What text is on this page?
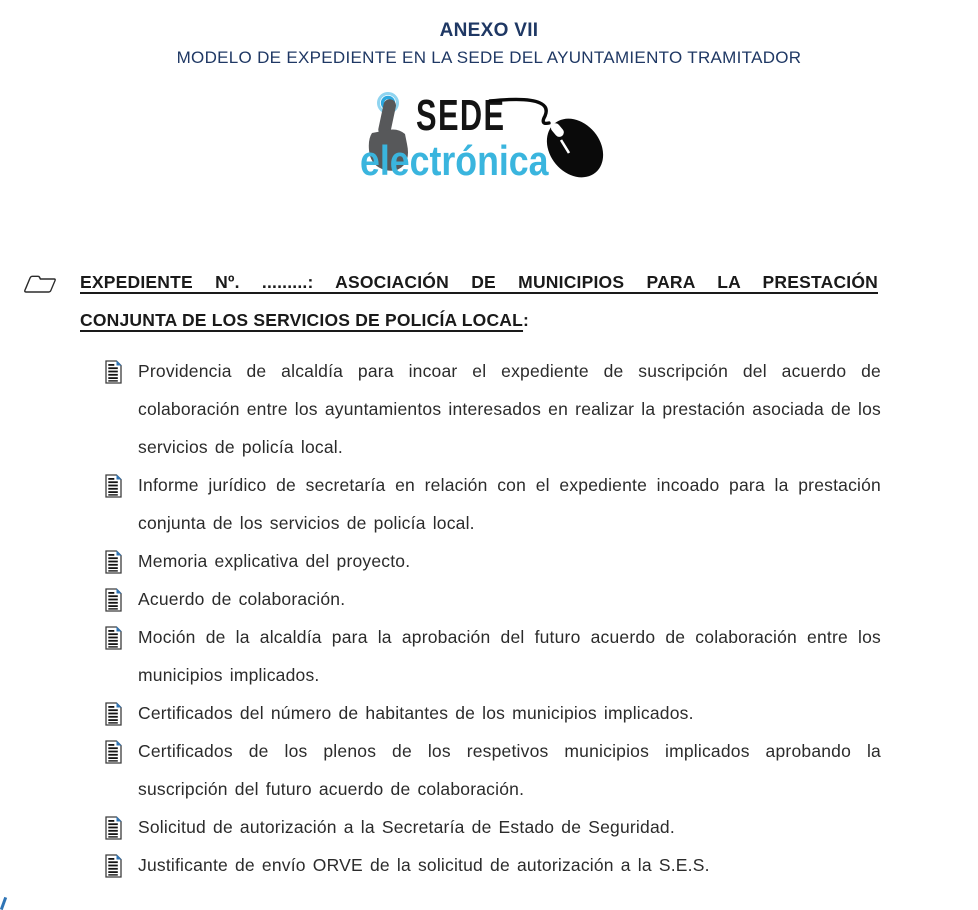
ANEXO VII
MODELO DE EXPEDIENTE EN LA SEDE DEL AYUNTAMIENTO TRAMITADOR
SEDE
electrónica
EXPEDIENTE Nº. .........: ASOCIACIÓN DE MUNICIPIOS PARA LA PRESTACIÓN
CONJUNTA DE LOS SERVICIOS DE POLICÍA LOCAL:
Providencia de alcaldía para incoar el expediente de suscripción del acuerdo de colaboración entre los ayuntamientos interesados en realizar la prestación asociada de los servicios de policía local.
Informe jurídico de secretaría en relación con el expediente incoado para la prestación conjunta de los servicios de policía local.
Memoria explicativa del proyecto.
Acuerdo de colaboración.
Moción de la alcaldía para la aprobación del futuro acuerdo de colaboración entre los municipios implicados.
Certificados del número de habitantes de los municipios implicados.
Certificados de los plenos de los respetivos municipios implicados aprobando la suscripción del futuro acuerdo de colaboración.
Solicitud de autorización a la Secretaría de Estado de Seguridad.
Justificante de envío ORVE de la solicitud de autorización a la S.E.S.
